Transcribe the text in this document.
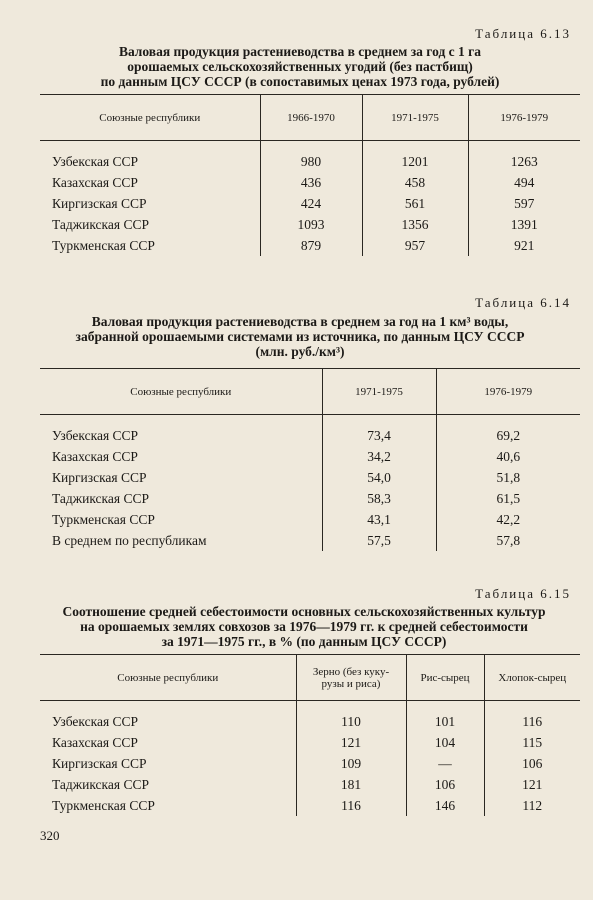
Таблица 6.13
Валовая продукция растениеводства в среднем за год с 1 га
орошаемых сельскохозяйственных угодий (без пастбищ)
по данным ЦСУ СССР (в сопоставимых ценах 1973 года, рублей)
Союзные республики	1966-1970	1971-1975	1976-1979
Узбекская ССР	980	1201	1263
Казахская ССР	436	458	494
Киргизская ССР	424	561	597
Таджикская ССР	1093	1356	1391
Туркменская ССР	879	957	921
Таблица 6.14
Валовая продукция растениеводства в среднем за год на 1 км³ воды,
забранной орошаемыми системами из источника, по данным ЦСУ СССР
(млн. руб./км³)
Союзные республики	1971-1975	1976-1979
Узбекская ССР	73,4	69,2
Казахская ССР	34,2	40,6
Киргизская ССР	54,0	51,8
Таджикская ССР	58,3	61,5
Туркменская ССР	43,1	42,2
В среднем по республикам	57,5	57,8
Таблица 6.15
Соотношение средней себестоимости основных сельскохозяйственных культур
на орошаемых землях совхозов за 1976—1979 гг. к средней себестоимости
за 1971—1975 гг., в % (по данным ЦСУ СССР)
Союзные республики	Зерно (без куку-
рузы и риса)	Рис-сырец	Хлопок-сырец
Узбекская ССР	110	101	116
Казахская ССР	121	104	115
Киргизская ССР	109	—	106
Таджикская ССР	181	106	121
Туркменская ССР	116	146	112
320
